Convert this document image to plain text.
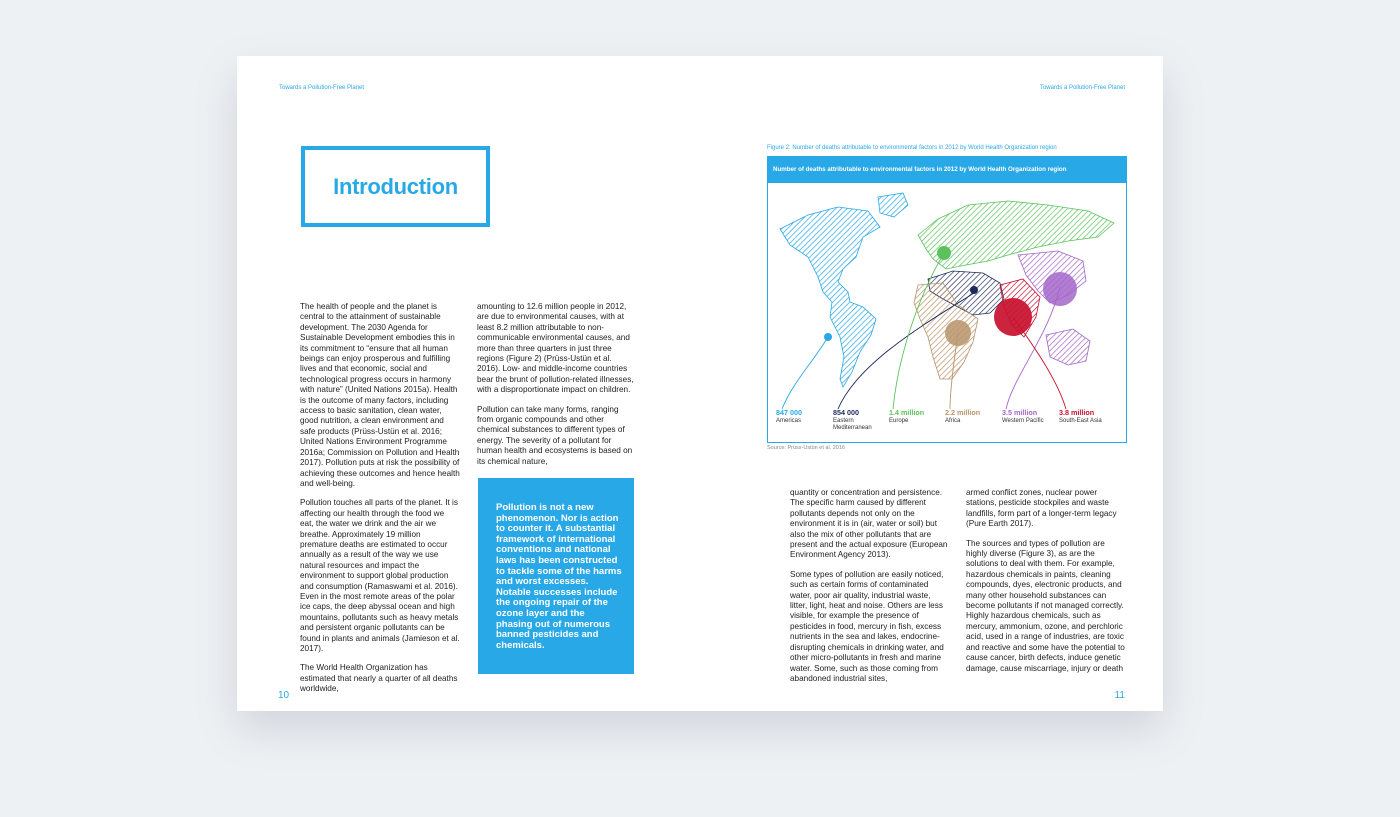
Towards a Pollution-Free Planet
Introduction

The health of people and the planet is central to the attainment of sustainable development. The 2030 Agenda for Sustainable Development embodies this in its commitment to “ensure that all human beings can enjoy prosperous and fulfilling lives and that economic, social and technological progress occurs in harmony with nature” (United Nations 2015a). Health is the outcome of many factors, including access to basic sanitation, clean water, good nutrition, a clean environment and safe products (Prüss-Ustün et al. 2016; United Nations Environment Programme 2016a; Commission on Pollution and Health 2017). Pollution puts at risk the possibility of achieving these outcomes and hence health and well-being.

Pollution touches all parts of the planet. It is affecting our health through the food we eat, the water we drink and the air we breathe. Approximately 19 million premature deaths are estimated to occur annually as a result of the way we use natural resources and impact the environment to support global production and consumption (Ramaswami et al. 2016). Even in the most remote areas of the polar ice caps, the deep abyssal ocean and high mountains, pollutants such as heavy metals and persistent organic pollutants can be found in plants and animals (Jamieson et al. 2017).

The World Health Organization has estimated that nearly a quarter of all deaths worldwide,

amounting to 12.6 million people in 2012, are due to environmental causes, with at least 8.2 million attributable to non-communicable environmental causes, and more than three quarters in just three regions (Figure 2) (Prüss-Ustün et al. 2016). Low- and middle-income countries bear the brunt of pollution-related illnesses, with a disproportionate impact on children.

Pollution can take many forms, ranging from organic compounds and other chemical substances to different types of energy. The severity of a pollutant for human health and ecosystems is based on its chemical nature,

Pollution is not a new phenomenon. Nor is action to counter it. A substantial framework of international conventions and national laws has been constructed to tackle some of the harms and worst excesses. Notable successes include the ongoing repair of the ozone layer and the phasing out of numerous banned pesticides and chemicals.
10
Towards a Pollution-Free Planet
Figure 2: Number of deaths attributable to environmental factors in 2012 by World Health Organization region
Number of deaths attributable to environmental factors in 2012 by World Health Organization region
847 000
Americas
854 000
Eastern Mediterranean
1.4 million
Europe
2.2 million
Africa
3.5 million
Western Pacific
3.8 million
South-East Asia
Source: Prüss-Ustün et al. 2016

quantity or concentration and persistence. The specific harm caused by different pollutants depends not only on the environment it is in (air, water or soil) but also the mix of other pollutants that are present and the actual exposure (European Environment Agency 2013).

Some types of pollution are easily noticed, such as certain forms of contaminated water, poor air quality, industrial waste, litter, light, heat and noise. Others are less visible, for example the presence of pesticides in food, mercury in fish, excess nutrients in the sea and lakes, endocrine-disrupting chemicals in drinking water, and other micro-pollutants in fresh and marine water. Some, such as those coming from abandoned industrial sites,

armed conflict zones, nuclear power stations, pesticide stockpiles and waste landfills, form part of a longer-term legacy (Pure Earth 2017).

The sources and types of pollution are highly diverse (Figure 3), as are the solutions to deal with them. For example, hazardous chemicals in paints, cleaning compounds, dyes, electronic products, and many other household substances can become pollutants if not managed correctly. Highly hazardous chemicals, such as mercury, ammonium, ozone, and perchloric acid, used in a range of industries, are toxic and reactive and some have the potential to cause cancer, birth defects, induce genetic damage, cause miscarriage, injury or death

11
